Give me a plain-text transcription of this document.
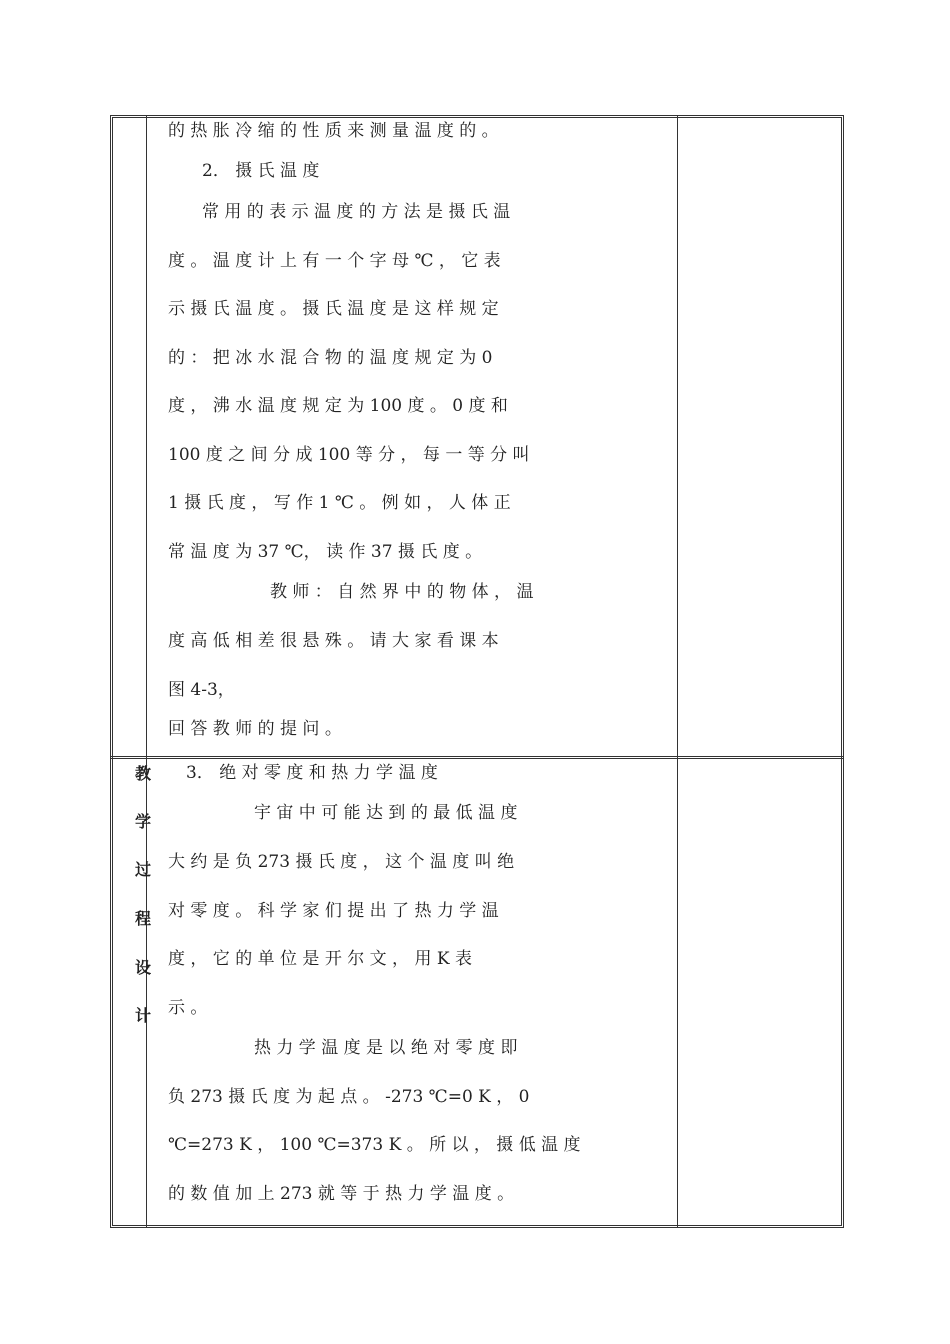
的 热 胀 冷 缩 的 性 质 来 测 量 温 度 的 。
2． 摄 氏 温 度
常 用 的 表 示 温 度 的 方 法 是 摄 氏 温
度 。 温 度 计 上 有 一 个 字 母 ℃ ， 它 表
示 摄 氏 温 度 。 摄 氏 温 度 是 这 样 规 定
的 ： 把 冰 水 混 合 物 的 温 度 规 定 为 0
度 ， 沸 水 温 度 规 定 为 100 度 。 0 度 和
100 度 之 间 分 成 100 等 分 ， 每 一 等 分 叫
1 摄 氏 度 ， 写 作 1 ℃ 。 例 如 ， 人 体 正
常 温 度 为 37 ℃， 读 作 37 摄 氏 度 。
教 师 ： 自 然 界 中 的 物 体 ， 温
度 高 低 相 差 很 悬 殊 。 请 大 家 看 课 本
图 4-3，
回 答 教 师 的 提 问 。
教
学
过
程
设
计
3． 绝 对 零 度 和 热 力 学 温 度
宇 宙 中 可 能 达 到 的 最 低 温 度
大 约 是 负 273 摄 氏 度 ， 这 个 温 度 叫 绝
对 零 度 。 科 学 家 们 提 出 了 热 力 学 温
度 ， 它 的 单 位 是 开 尔 文 ， 用 K 表
示 。
热 力 学 温 度 是 以 绝 对 零 度 即
负 273 摄 氏 度 为 起 点 。 -273 ℃=0 K ， 0
℃=273 K ， 100 ℃=373 K 。 所 以 ， 摄 低 温 度
的 数 值 加 上 273 就 等 于 热 力 学 温 度 。
